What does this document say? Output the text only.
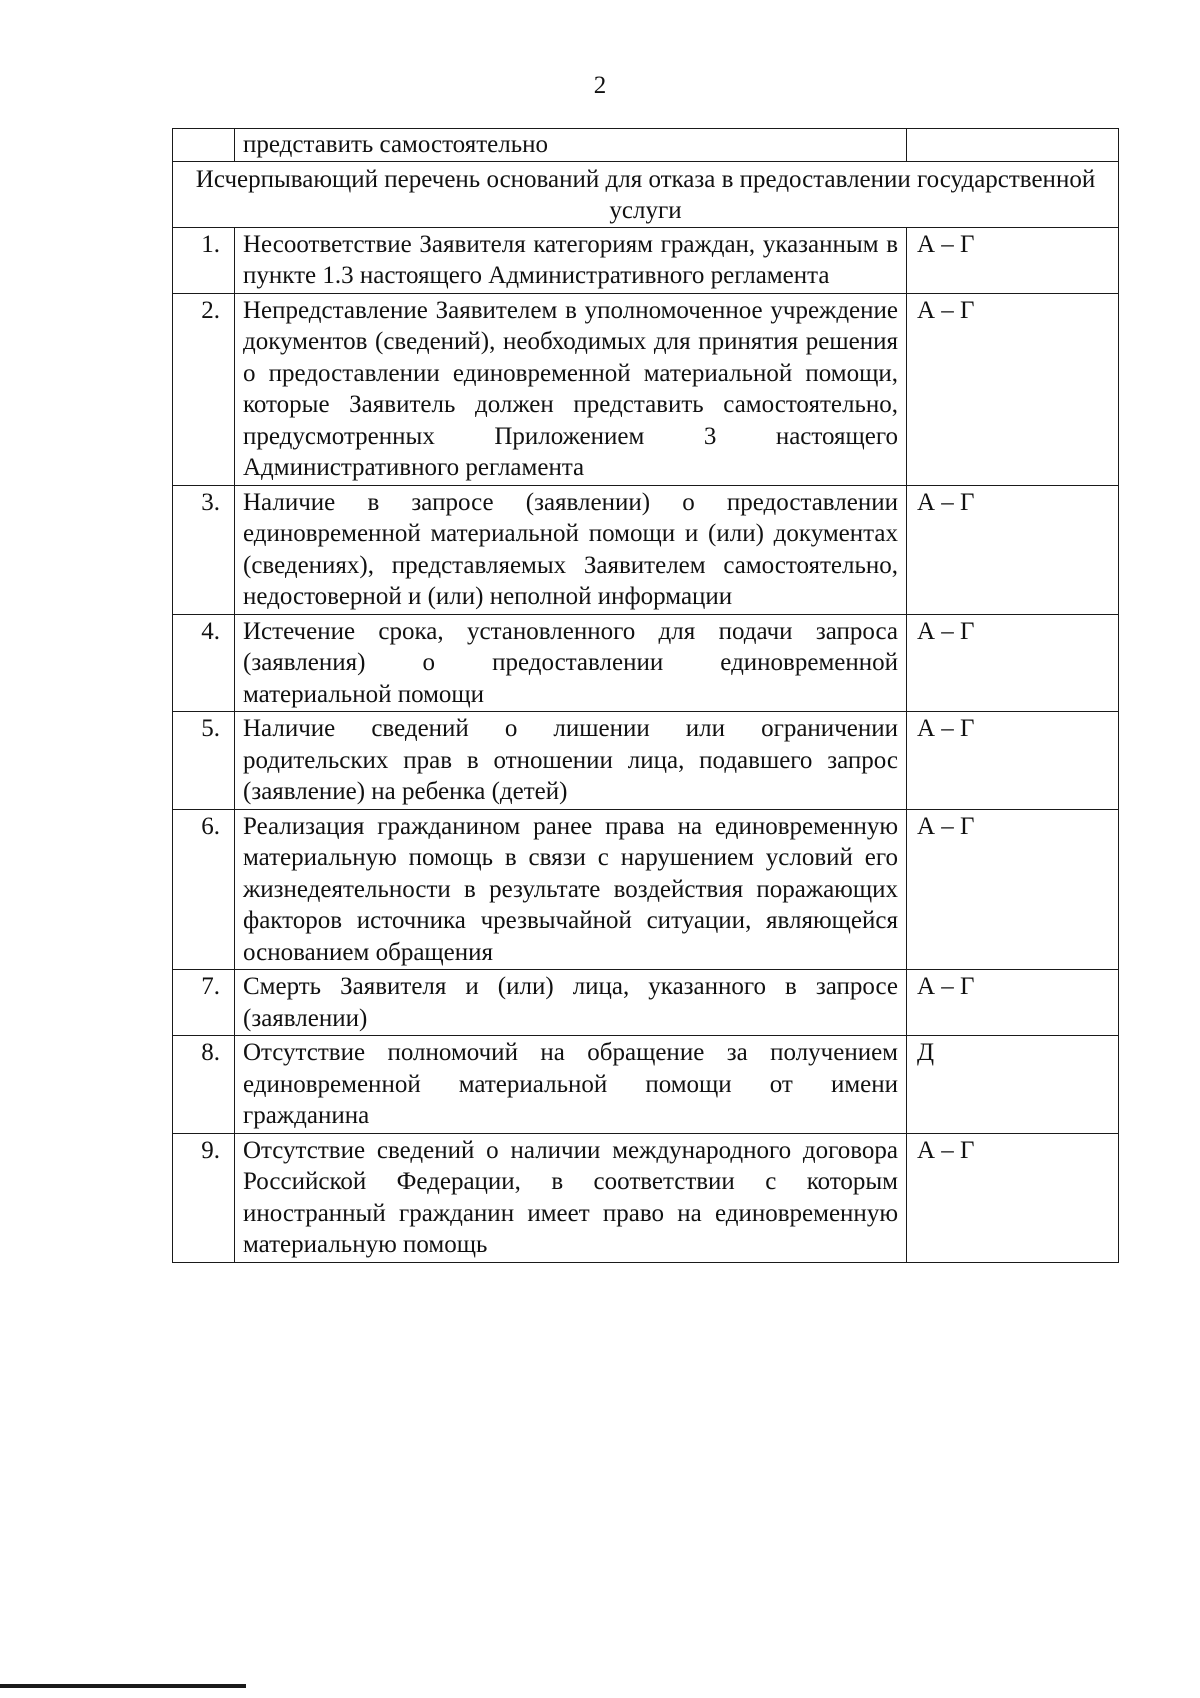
2
	представить самостоятельно	
Исчерпывающий перечень оснований для отказа в предоставлении государственной услуги		
1.	Несоответствие Заявителя категориям граждан, указанным в пункте 1.3 настоящего Административного регламента	А – Г
2.	Непредставление Заявителем в уполномоченное учреждение документов (сведений), необходимых для принятия решения о предоставлении единовременной материальной помощи, которые Заявитель должен представить самостоятельно, предусмотренных Приложением 3 настоящего Административного регламента	А – Г
3.	Наличие в запросе (заявлении) о предоставлении единовременной материальной помощи и (или) документах (сведениях), представляемых Заявителем самостоятельно, недостоверной и (или) неполной информации	А – Г
4.	Истечение срока, установленного для подачи запроса (заявления) о предоставлении единовременной материальной помощи	А – Г
5.	Наличие сведений о лишении или ограничении родительских прав в отношении лица, подавшего запрос (заявление) на ребенка (детей)	А – Г
6.	Реализация гражданином ранее права на единовременную материальную помощь в связи с нарушением условий его жизнедеятельности в результате воздействия поражающих факторов источника чрезвычайной ситуации, являющейся основанием обращения	А – Г
7.	Смерть Заявителя и (или) лица, указанного в запросе (заявлении)	А – Г
8.	Отсутствие полномочий на обращение за получением единовременной материальной помощи от имени гражданина	Д
9.	Отсутствие сведений о наличии международного договора Российской Федерации, в соответствии с которым иностранный гражданин имеет право на единовременную материальную помощь	А – Г
